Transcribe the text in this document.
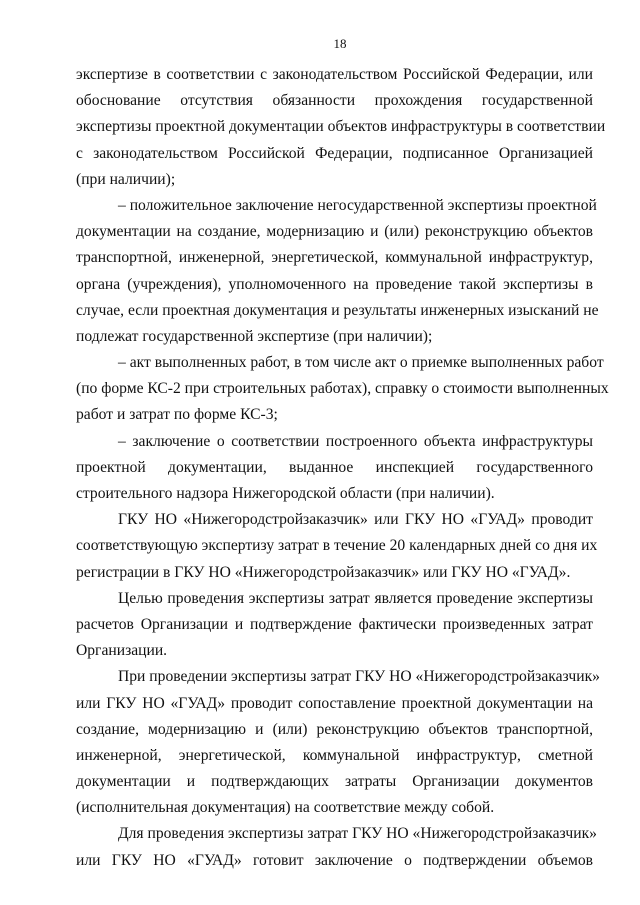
18
экспертизе в соответствии с законодательством Российской Федерации, или
обоснование отсутствия обязанности прохождения государственной
экспертизы проектной документации объектов инфраструктуры в соответствии
с законодательством Российской Федерации, подписанное Организацией
(при наличии);
– положительное заключение негосударственной экспертизы проектной
документации на создание, модернизацию и (или) реконструкцию объектов
транспортной, инженерной, энергетической, коммунальной инфраструктур,
органа (учреждения), уполномоченного на проведение такой экспертизы в
случае, если проектная документация и результаты инженерных изысканий не
подлежат государственной экспертизе (при наличии);
– акт выполненных работ, в том числе акт о приемке выполненных работ
(по форме КС-2 при строительных работах), справку о стоимости выполненных
работ и затрат по форме КС-3;
– заключение о соответствии построенного объекта инфраструктуры
проектной документации, выданное инспекцией государственного
строительного надзора Нижегородской области (при наличии).
ГКУ НО «Нижегородстройзаказчик» или ГКУ НО «ГУАД» проводит
соответствующую экспертизу затрат в течение 20 календарных дней со дня их
регистрации в ГКУ НО «Нижегородстройзаказчик» или ГКУ НО «ГУАД».
Целью проведения экспертизы затрат является проведение экспертизы
расчетов Организации и подтверждение фактически произведенных затрат
Организации.
При проведении экспертизы затрат ГКУ НО «Нижегородстройзаказчик»
или ГКУ НО «ГУАД» проводит сопоставление проектной документации на
создание, модернизацию и (или) реконструкцию объектов транспортной,
инженерной, энергетической, коммунальной инфраструктур, сметной
документации и подтверждающих затраты Организации документов
(исполнительная документация) на соответствие между собой.
Для проведения экспертизы затрат ГКУ НО «Нижегородстройзаказчик»
или ГКУ НО «ГУАД» готовит заключение о подтверждении объемов
